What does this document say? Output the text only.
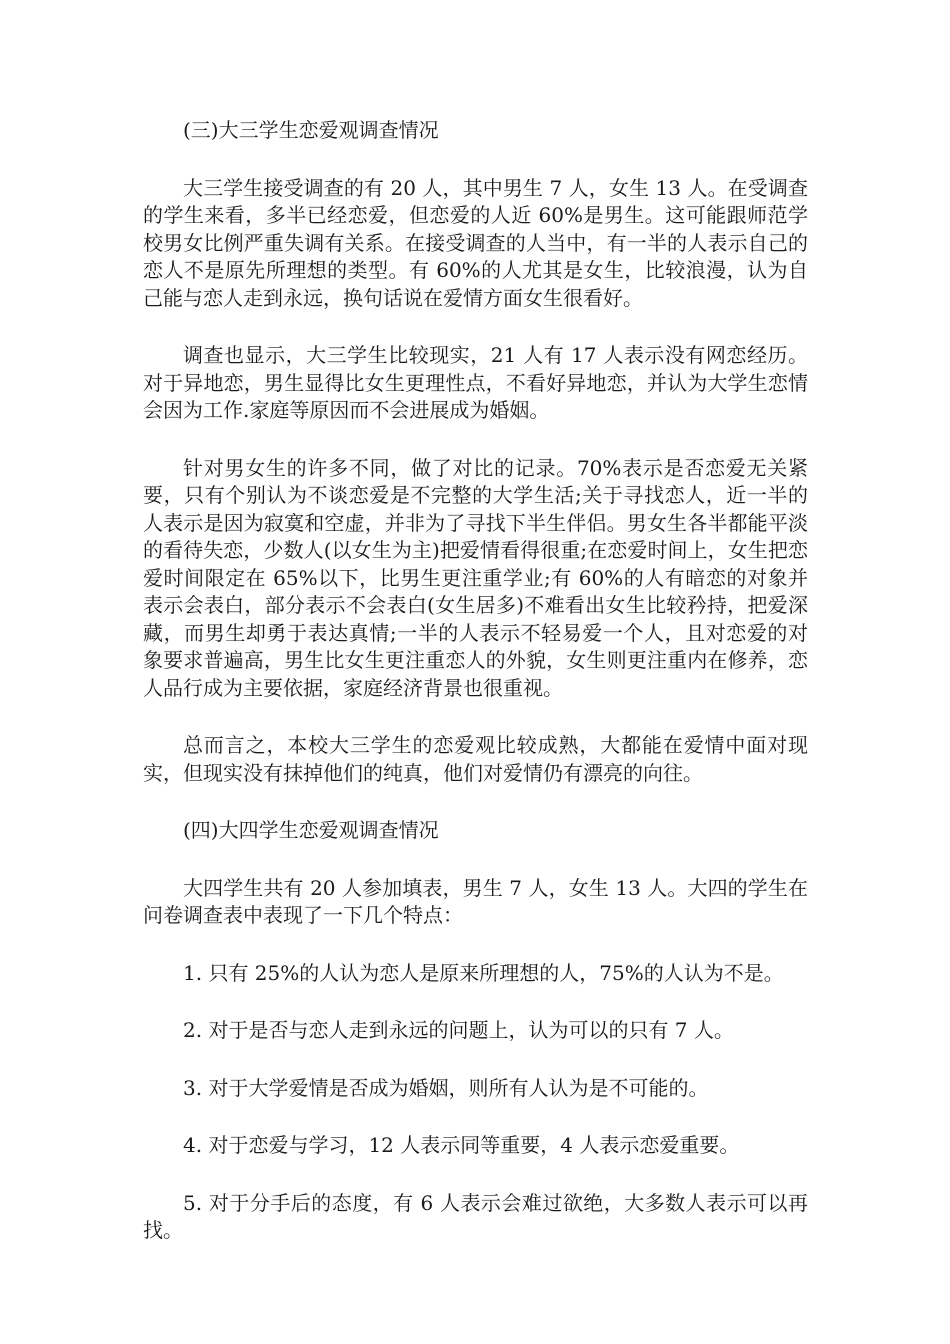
(三)大三学生恋爱观调查情况

大三学生接受调查的有 20 人，其中男生 7 人，女生 13 人。在受调查的学生来看，多半已经恋爱，但恋爱的人近 60%是男生。这可能跟师范学校男女比例严重失调有关系。在接受调查的人当中，有一半的人表示自己的恋人不是原先所理想的类型。有 60%的人尤其是女生，比较浪漫，认为自己能与恋人走到永远，换句话说在爱情方面女生很看好。

调查也显示，大三学生比较现实，21 人有 17 人表示没有网恋经历。对于异地恋，男生显得比女生更理性点，不看好异地恋，并认为大学生恋情会因为工作.家庭等原因而不会进展成为婚姻。

针对男女生的许多不同，做了对比的记录。70%表示是否恋爱无关紧要，只有个别认为不谈恋爱是不完整的大学生活;关于寻找恋人，近一半的人表示是因为寂寞和空虚，并非为了寻找下半生伴侣。男女生各半都能平淡的看待失恋，少数人(以女生为主)把爱情看得很重;在恋爱时间上，女生把恋爱时间限定在 65%以下，比男生更注重学业;有 60%的人有暗恋的对象并表示会表白，部分表示不会表白(女生居多)不难看出女生比较矜持，把爱深藏，而男生却勇于表达真情;一半的人表示不轻易爱一个人，且对恋爱的对象要求普遍高，男生比女生更注重恋人的外貌，女生则更注重内在修养，恋人品行成为主要依据，家庭经济背景也很重视。

总而言之，本校大三学生的恋爱观比较成熟，大都能在爱情中面对现实，但现实没有抹掉他们的纯真，他们对爱情仍有漂亮的向往。

(四)大四学生恋爱观调查情况

大四学生共有 20 人参加填表，男生 7 人，女生 13 人。大四的学生在问卷调查表中表现了一下几个特点：

1. 只有 25%的人认为恋人是原来所理想的人，75%的人认为不是。

2. 对于是否与恋人走到永远的问题上，认为可以的只有 7 人。

3. 对于大学爱情是否成为婚姻，则所有人认为是不可能的。

4. 对于恋爱与学习，12 人表示同等重要，4 人表示恋爱重要。

5. 对于分手后的态度，有 6 人表示会难过欲绝，大多数人表示可以再找。
